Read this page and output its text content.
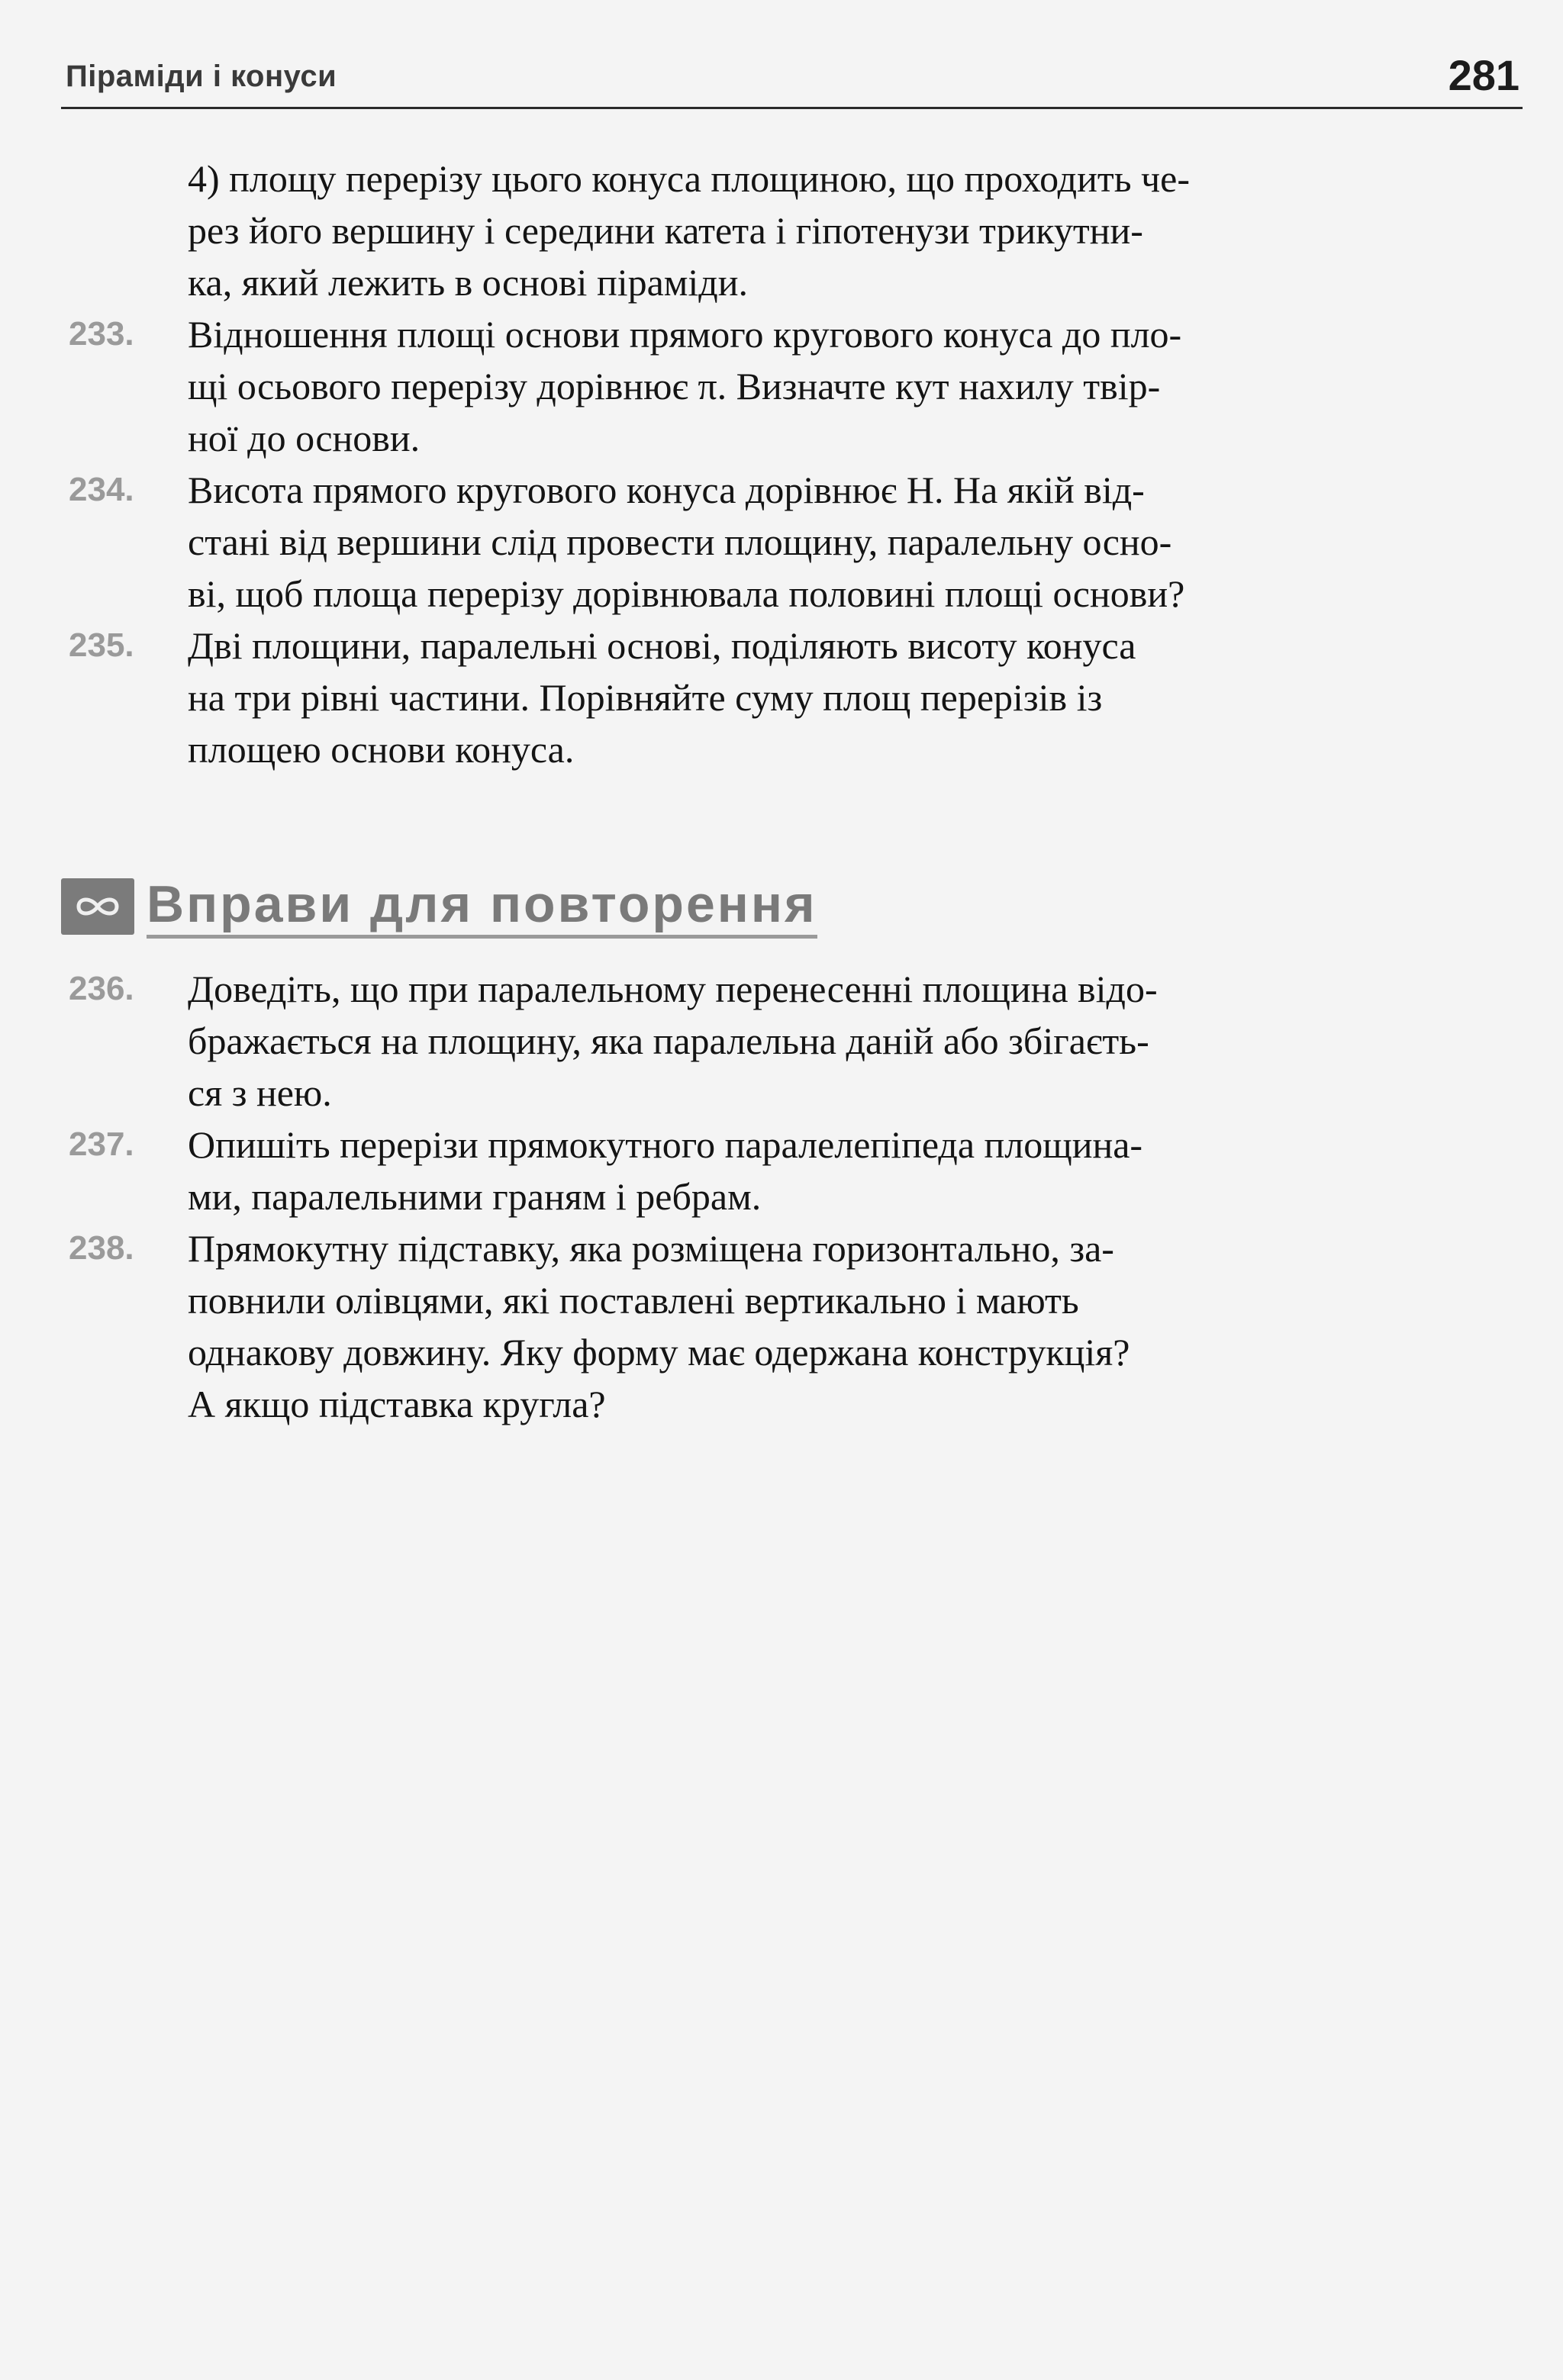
Піраміди і конуси	281
4) площу перерізу цього конуса площиною, що проходить че-
рез його вершину і середини катета і гіпотенузи трикутни-
ка, який лежить в основі піраміди.
233. Відношення площі основи прямого кругового конуса до пло-
щі осьового перерізу дорівнює π. Визначте кут нахилу твір-
ної до основи.
234. Висота прямого кругового конуса дорівнює H. На якій від-
стані від вершини слід провести площину, паралельну осно-
ві, щоб площа перерізу дорівнювала половині площі основи?
235. Дві площини, паралельні основі, поділяють висоту конуса
на три рівні частини. Порівняйте суму площ перерізів із
площею основи конуса.
Вправи для повторення
236. Доведіть, що при паралельному перенесенні площина відо-
бражається на площину, яка паралельна даній або збігаєть-
ся з нею.
237. Опишіть перерізи прямокутного паралелепіпеда площина-
ми, паралельними граням і ребрам.
238. Прямокутну підставку, яка розміщена горизонтально, за-
повнили олівцями, які поставлені вертикально і мають
однакову довжину. Яку форму має одержана конструкція?
А якщо підставка кругла?
